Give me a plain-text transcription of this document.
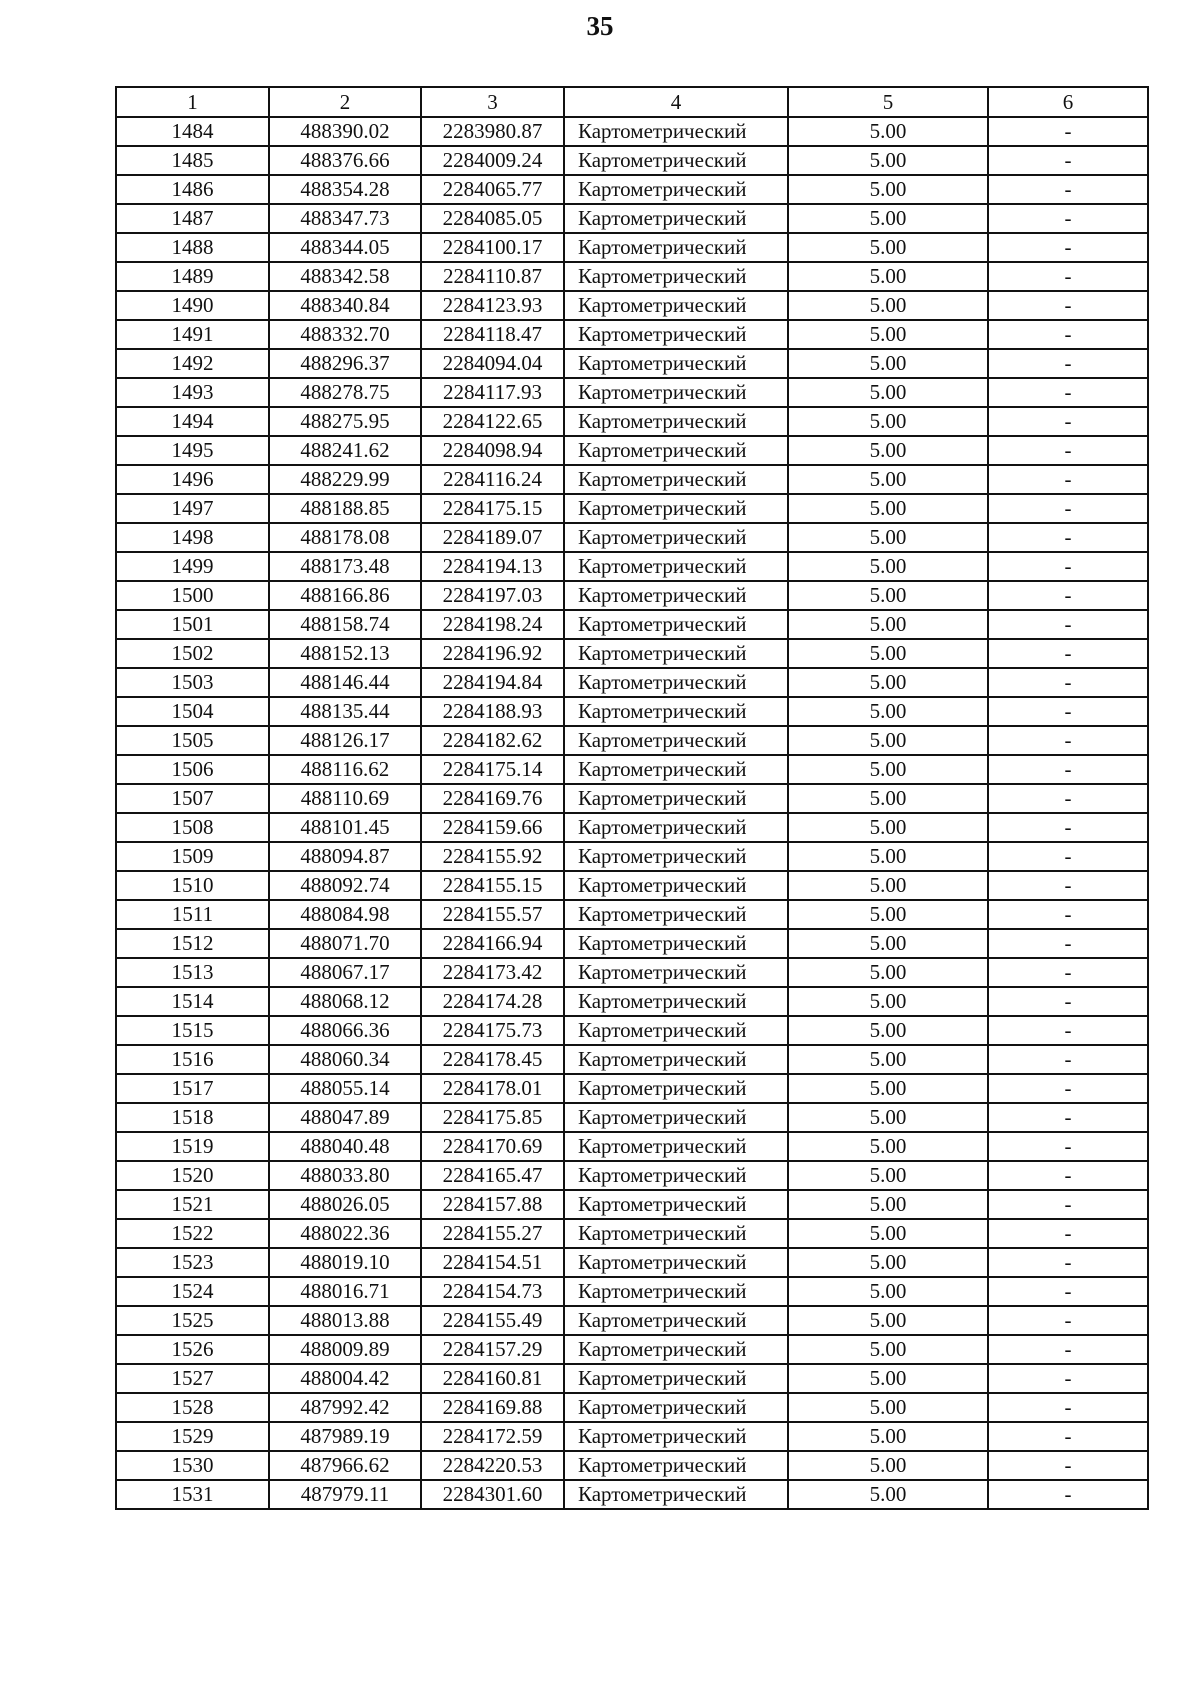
35
1	2	3	4	5	6
1484	488390.02	2283980.87	Картометрический	5.00	-
1485	488376.66	2284009.24	Картометрический	5.00	-
1486	488354.28	2284065.77	Картометрический	5.00	-
1487	488347.73	2284085.05	Картометрический	5.00	-
1488	488344.05	2284100.17	Картометрический	5.00	-
1489	488342.58	2284110.87	Картометрический	5.00	-
1490	488340.84	2284123.93	Картометрический	5.00	-
1491	488332.70	2284118.47	Картометрический	5.00	-
1492	488296.37	2284094.04	Картометрический	5.00	-
1493	488278.75	2284117.93	Картометрический	5.00	-
1494	488275.95	2284122.65	Картометрический	5.00	-
1495	488241.62	2284098.94	Картометрический	5.00	-
1496	488229.99	2284116.24	Картометрический	5.00	-
1497	488188.85	2284175.15	Картометрический	5.00	-
1498	488178.08	2284189.07	Картометрический	5.00	-
1499	488173.48	2284194.13	Картометрический	5.00	-
1500	488166.86	2284197.03	Картометрический	5.00	-
1501	488158.74	2284198.24	Картометрический	5.00	-
1502	488152.13	2284196.92	Картометрический	5.00	-
1503	488146.44	2284194.84	Картометрический	5.00	-
1504	488135.44	2284188.93	Картометрический	5.00	-
1505	488126.17	2284182.62	Картометрический	5.00	-
1506	488116.62	2284175.14	Картометрический	5.00	-
1507	488110.69	2284169.76	Картометрический	5.00	-
1508	488101.45	2284159.66	Картометрический	5.00	-
1509	488094.87	2284155.92	Картометрический	5.00	-
1510	488092.74	2284155.15	Картометрический	5.00	-
1511	488084.98	2284155.57	Картометрический	5.00	-
1512	488071.70	2284166.94	Картометрический	5.00	-
1513	488067.17	2284173.42	Картометрический	5.00	-
1514	488068.12	2284174.28	Картометрический	5.00	-
1515	488066.36	2284175.73	Картометрический	5.00	-
1516	488060.34	2284178.45	Картометрический	5.00	-
1517	488055.14	2284178.01	Картометрический	5.00	-
1518	488047.89	2284175.85	Картометрический	5.00	-
1519	488040.48	2284170.69	Картометрический	5.00	-
1520	488033.80	2284165.47	Картометрический	5.00	-
1521	488026.05	2284157.88	Картометрический	5.00	-
1522	488022.36	2284155.27	Картометрический	5.00	-
1523	488019.10	2284154.51	Картометрический	5.00	-
1524	488016.71	2284154.73	Картометрический	5.00	-
1525	488013.88	2284155.49	Картометрический	5.00	-
1526	488009.89	2284157.29	Картометрический	5.00	-
1527	488004.42	2284160.81	Картометрический	5.00	-
1528	487992.42	2284169.88	Картометрический	5.00	-
1529	487989.19	2284172.59	Картометрический	5.00	-
1530	487966.62	2284220.53	Картометрический	5.00	-
1531	487979.11	2284301.60	Картометрический	5.00	-
